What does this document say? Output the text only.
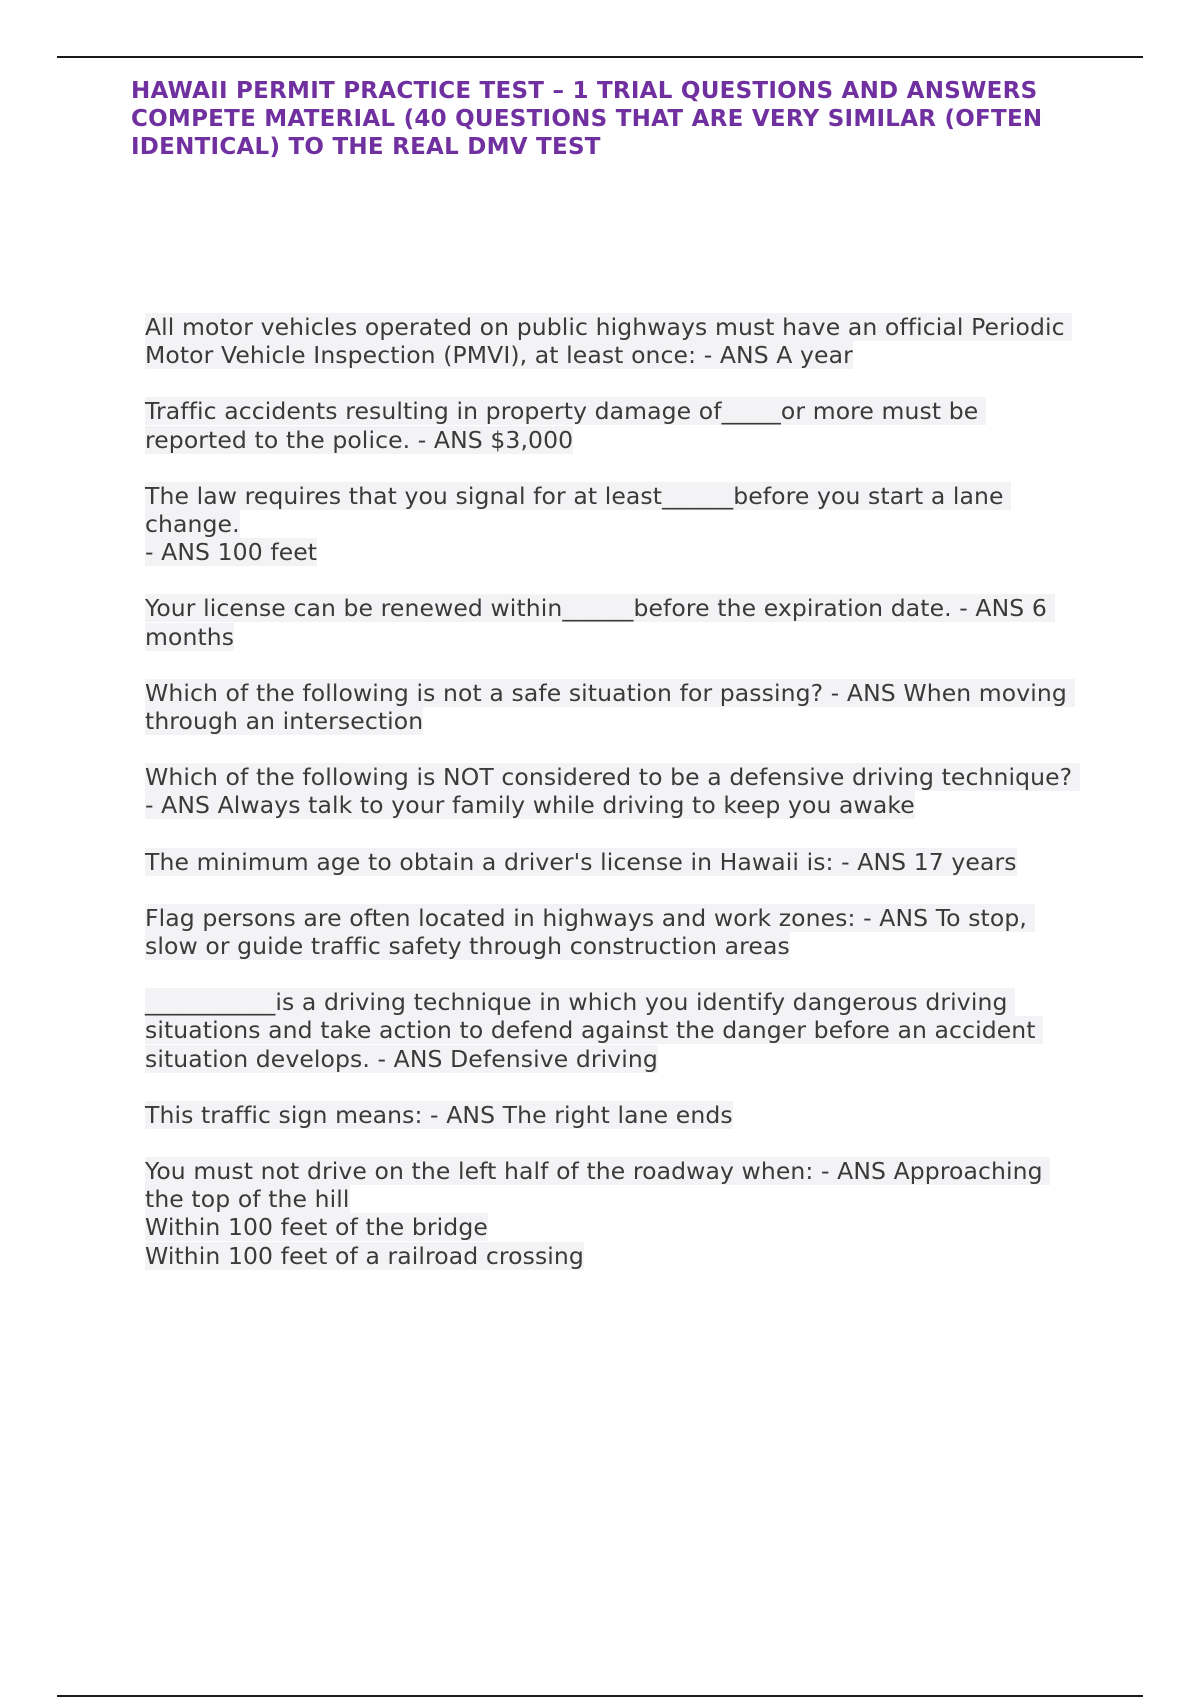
HAWAII PERMIT PRACTICE TEST – 1 TRIAL QUESTIONS AND ANSWERS COMPETE MATERIAL (40 QUESTIONS THAT ARE VERY SIMILAR (OFTEN IDENTICAL) TO THE REAL DMV TEST
All motor vehicles operated on public highways must have an official Periodic Motor Vehicle Inspection (PMVI), at least once: - ANS A year
Traffic accidents resulting in property damage of_____or more must be reported to the police. - ANS $3,000
The law requires that you signal for at least______before you start a lane change.
- ANS 100 feet
Your license can be renewed within______before the expiration date. - ANS 6 months
Which of the following is not a safe situation for passing? - ANS When moving through an intersection
Which of the following is NOT considered to be a defensive driving technique? - ANS Always talk to your family while driving to keep you awake
The minimum age to obtain a driver's license in Hawaii is: - ANS 17 years
Flag persons are often located in highways and work zones: - ANS To stop, slow or guide traffic safety through construction areas
___________is a driving technique in which you identify dangerous driving situations and take action to defend against the danger before an accident situation develops. - ANS Defensive driving
This traffic sign means: - ANS The right lane ends
You must not drive on the left half of the roadway when: - ANS Approaching the top of the hill
Within 100 feet of the bridge
Within 100 feet of a railroad crossing
